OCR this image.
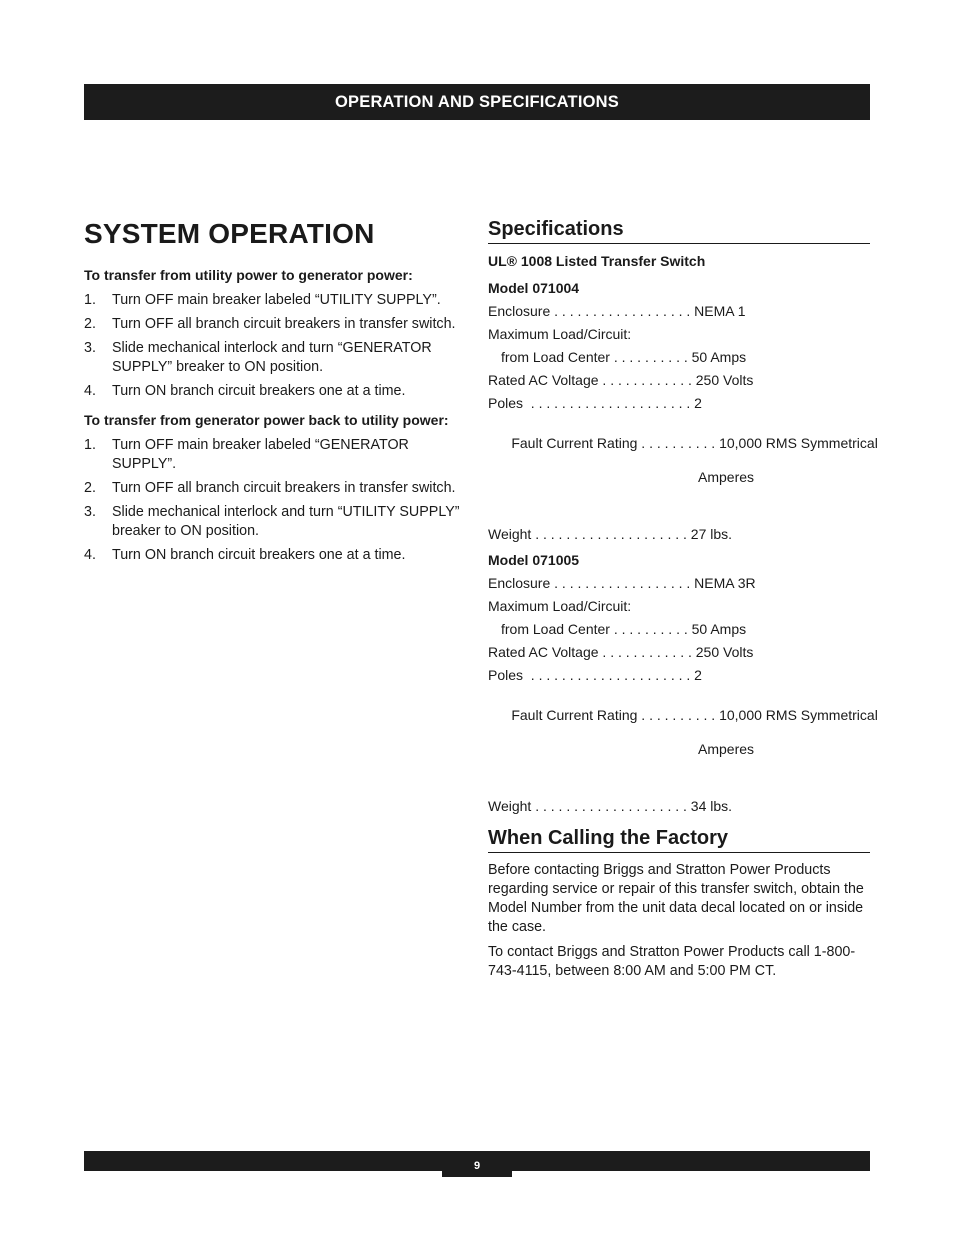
OPERATION AND SPECIFICATIONS
SYSTEM OPERATION
To transfer from utility power to generator power:
1. Turn OFF main breaker labeled “UTILITY SUPPLY”.
2. Turn OFF all branch circuit breakers in transfer switch.
3. Slide mechanical interlock and turn “GENERATOR SUPPLY” breaker to ON position.
4. Turn ON branch circuit breakers one at a time.
To transfer from generator power back to utility power:
1. Turn OFF main breaker labeled “GENERATOR SUPPLY”.
2. Turn OFF all branch circuit breakers in transfer switch.
3. Slide mechanical interlock and turn “UTILITY SUPPLY” breaker to ON position.
4. Turn ON branch circuit breakers one at a time.
Specifications
UL® 1008 Listed Transfer Switch
Model 071004
Enclosure . . . . . . . . . . . . . . . . . . NEMA 1
Maximum Load/Circuit:
from Load Center . . . . . . . . . . 50 Amps
Rated AC Voltage . . . . . . . . . . . . 250 Volts
Poles  . . . . . . . . . . . . . . . . . . . . . 2

Fault Current Rating . . . . . . . . . . 10,000 RMS Symmetrical

Amperes

Weight . . . . . . . . . . . . . . . . . . . . 27 lbs.
Model 071005
Enclosure . . . . . . . . . . . . . . . . . . NEMA 3R
Maximum Load/Circuit:
from Load Center . . . . . . . . . . 50 Amps
Rated AC Voltage . . . . . . . . . . . . 250 Volts
Poles  . . . . . . . . . . . . . . . . . . . . . 2

Fault Current Rating . . . . . . . . . . 10,000 RMS Symmetrical

Amperes

Weight . . . . . . . . . . . . . . . . . . . . 34 lbs.
When Calling the Factory

Before contacting Briggs and Stratton Power Products regarding service or repair of this transfer switch, obtain the Model Number from the unit data decal located on or inside the case.

To contact Briggs and Stratton Power Products call 1-800-743-4115, between 8:00 AM and 5:00 PM CT.

9
